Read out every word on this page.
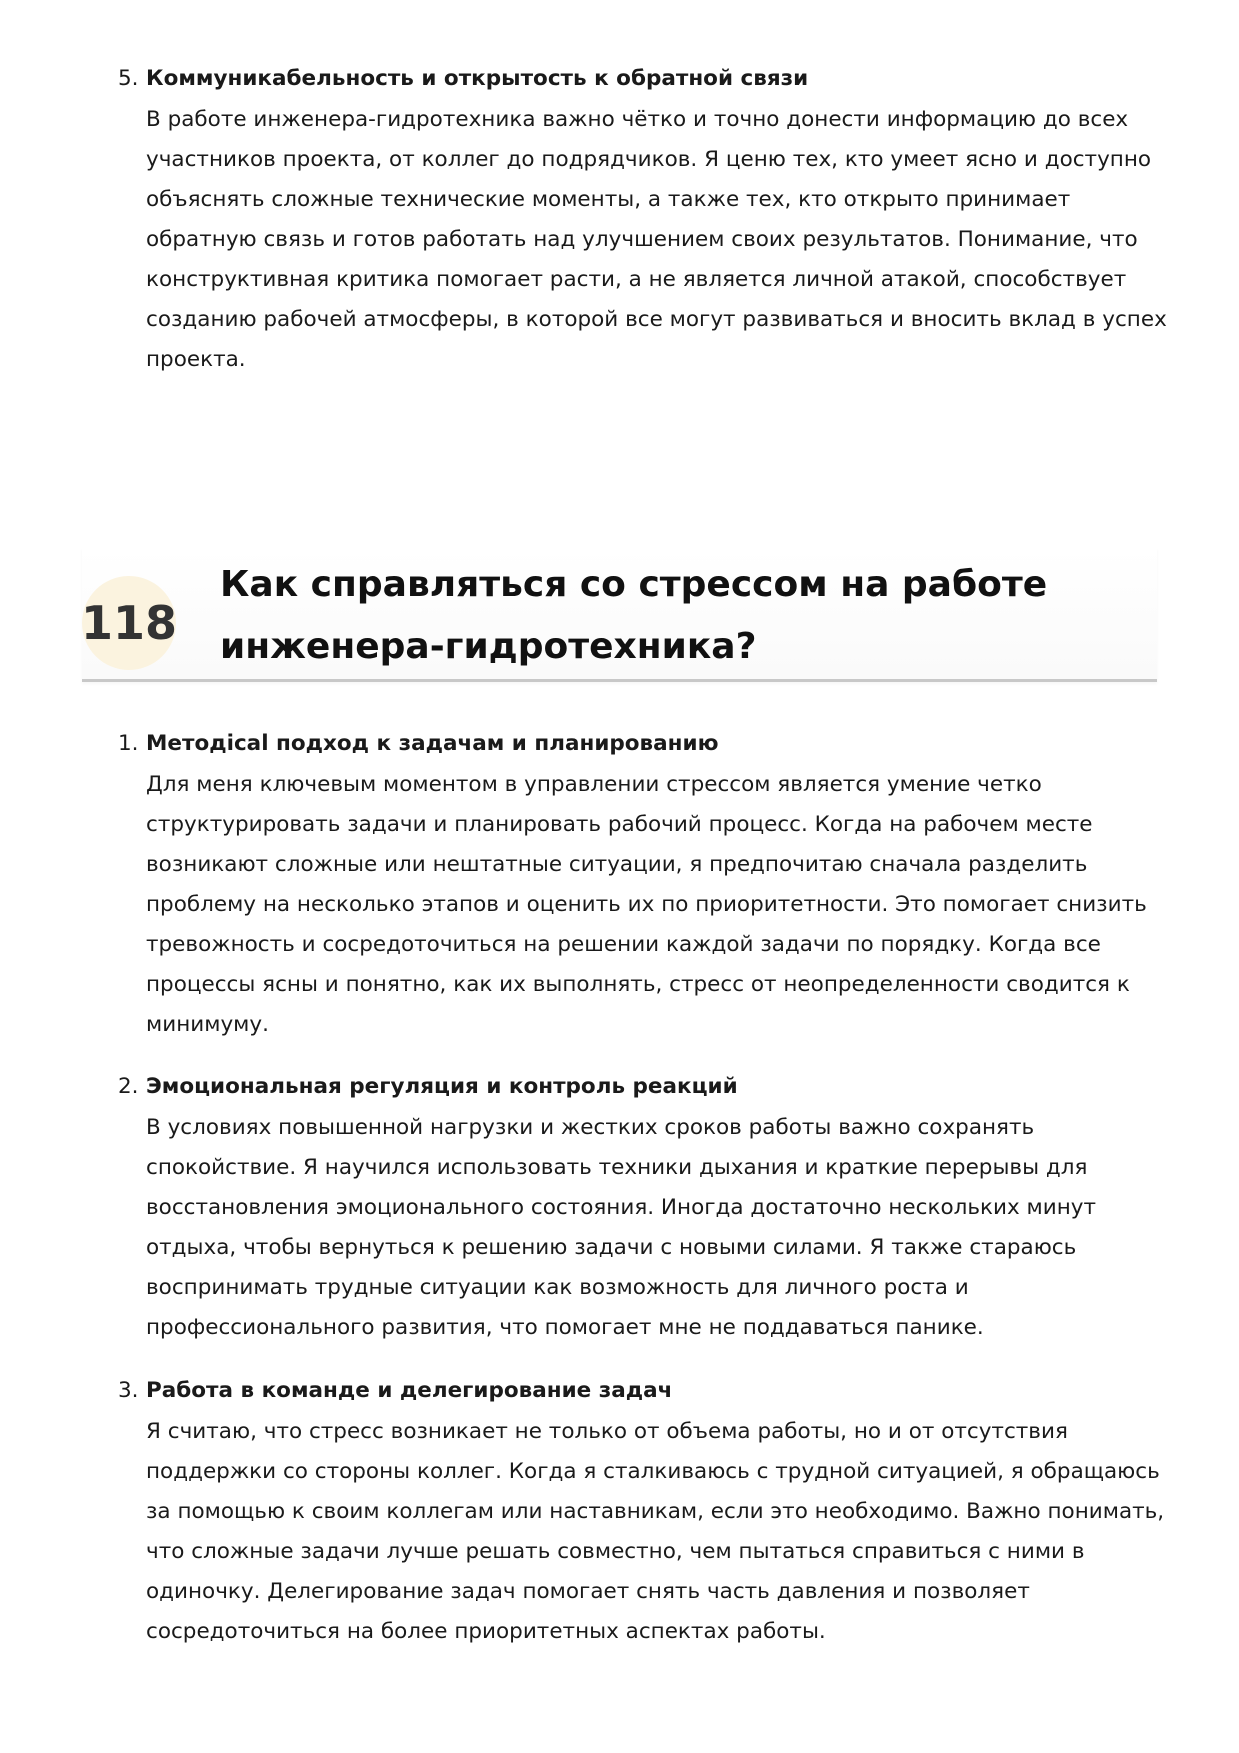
5. Коммуникабельность и открытость к обратной связи
В работе инженера-гидротехника важно чётко и точно донести информацию до всех участников проекта, от коллег до подрядчиков. Я ценю тех, кто умеет ясно и доступно объяснять сложные технические моменты, а также тех, кто открыто принимает обратную связь и готов работать над улучшением своих результатов. Понимание, что конструктивная критика помогает расти, а не является личной атакой, способствует созданию рабочей атмосферы, в которой все могут развиваться и вносить вклад в успех проекта.
118
Как справляться со стрессом на работе инженера-гидротехника?
1. Методical подход к задачам и планированию
Для меня ключевым моментом в управлении стрессом является умение четко структурировать задачи и планировать рабочий процесс. Когда на рабочем месте возникают сложные или нештатные ситуации, я предпочитаю сначала разделить проблему на несколько этапов и оценить их по приоритетности. Это помогает снизить тревожность и сосредоточиться на решении каждой задачи по порядку. Когда все процессы ясны и понятно, как их выполнять, стресс от неопределенности сводится к минимуму.
2. Эмоциональная регуляция и контроль реакций
В условиях повышенной нагрузки и жестких сроков работы важно сохранять спокойствие. Я научился использовать техники дыхания и краткие перерывы для восстановления эмоционального состояния. Иногда достаточно нескольких минут отдыха, чтобы вернуться к решению задачи с новыми силами. Я также стараюсь воспринимать трудные ситуации как возможность для личного роста и профессионального развития, что помогает мне не поддаваться панике.
3. Работа в команде и делегирование задач
Я считаю, что стресс возникает не только от объема работы, но и от отсутствия поддержки со стороны коллег. Когда я сталкиваюсь с трудной ситуацией, я обращаюсь за помощью к своим коллегам или наставникам, если это необходимо. Важно понимать, что сложные задачи лучше решать совместно, чем пытаться справиться с ними в одиночку. Делегирование задач помогает снять часть давления и позволяет сосредоточиться на более приоритетных аспектах работы.
